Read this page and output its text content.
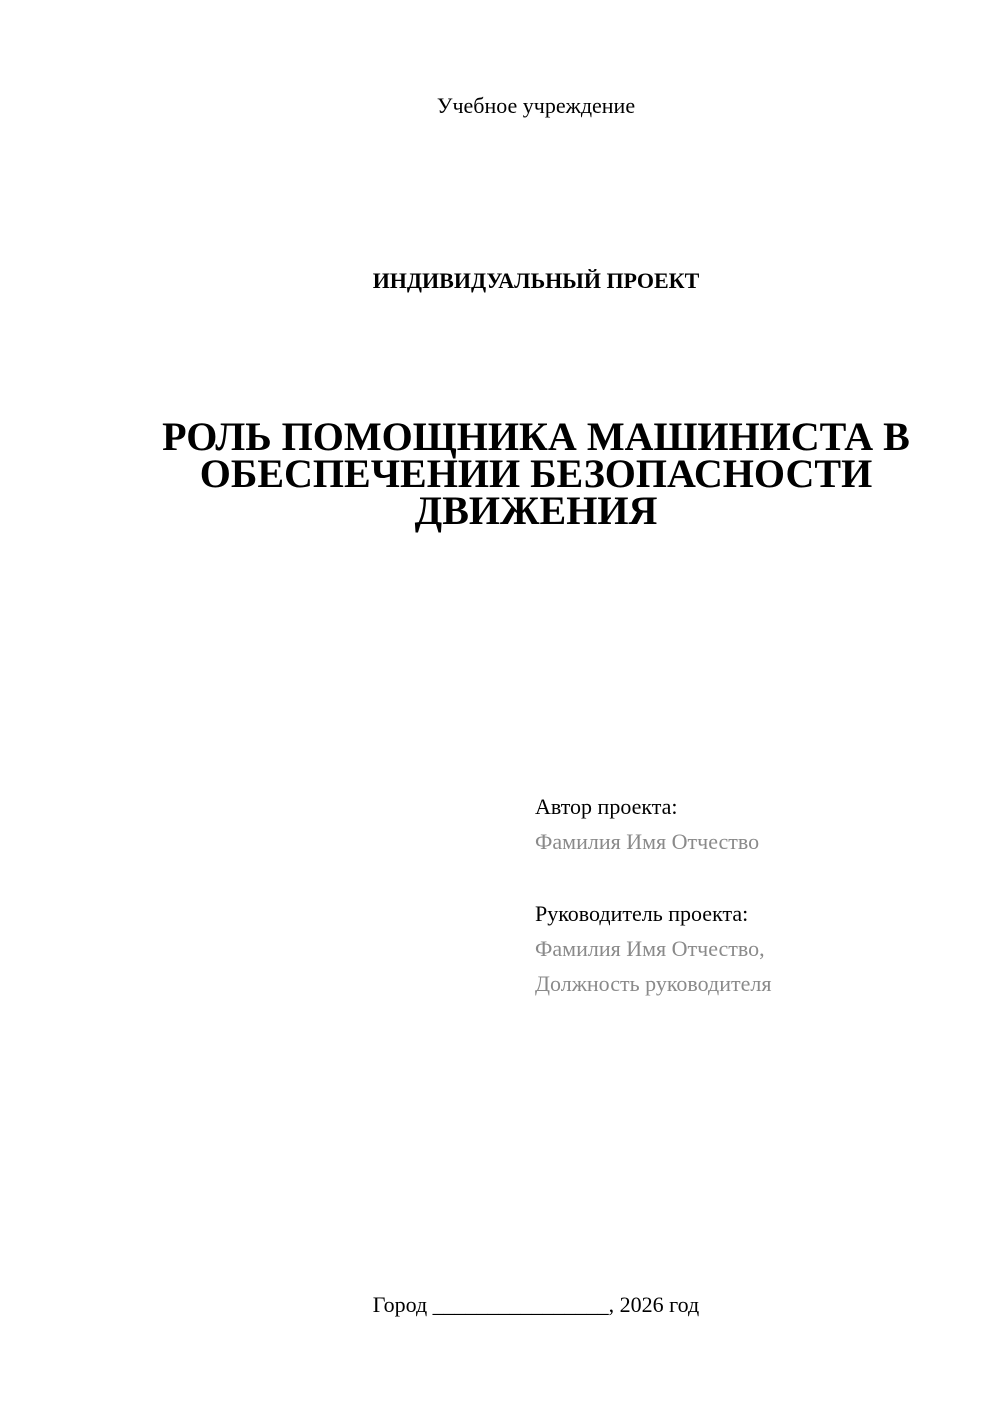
Учебное учреждение
ИНДИВИДУАЛЬНЫЙ ПРОЕКТ
РОЛЬ ПОМОЩНИКА МАШИНИСТА В
ОБЕСПЕЧЕНИИ БЕЗОПАСНОСТИ
ДВИЖЕНИЯ
Автор проекта:
Фамилия Имя Отчество
Руководитель проекта:
Фамилия Имя Отчество,
Должность руководителя
Город ________________, 2026 год
